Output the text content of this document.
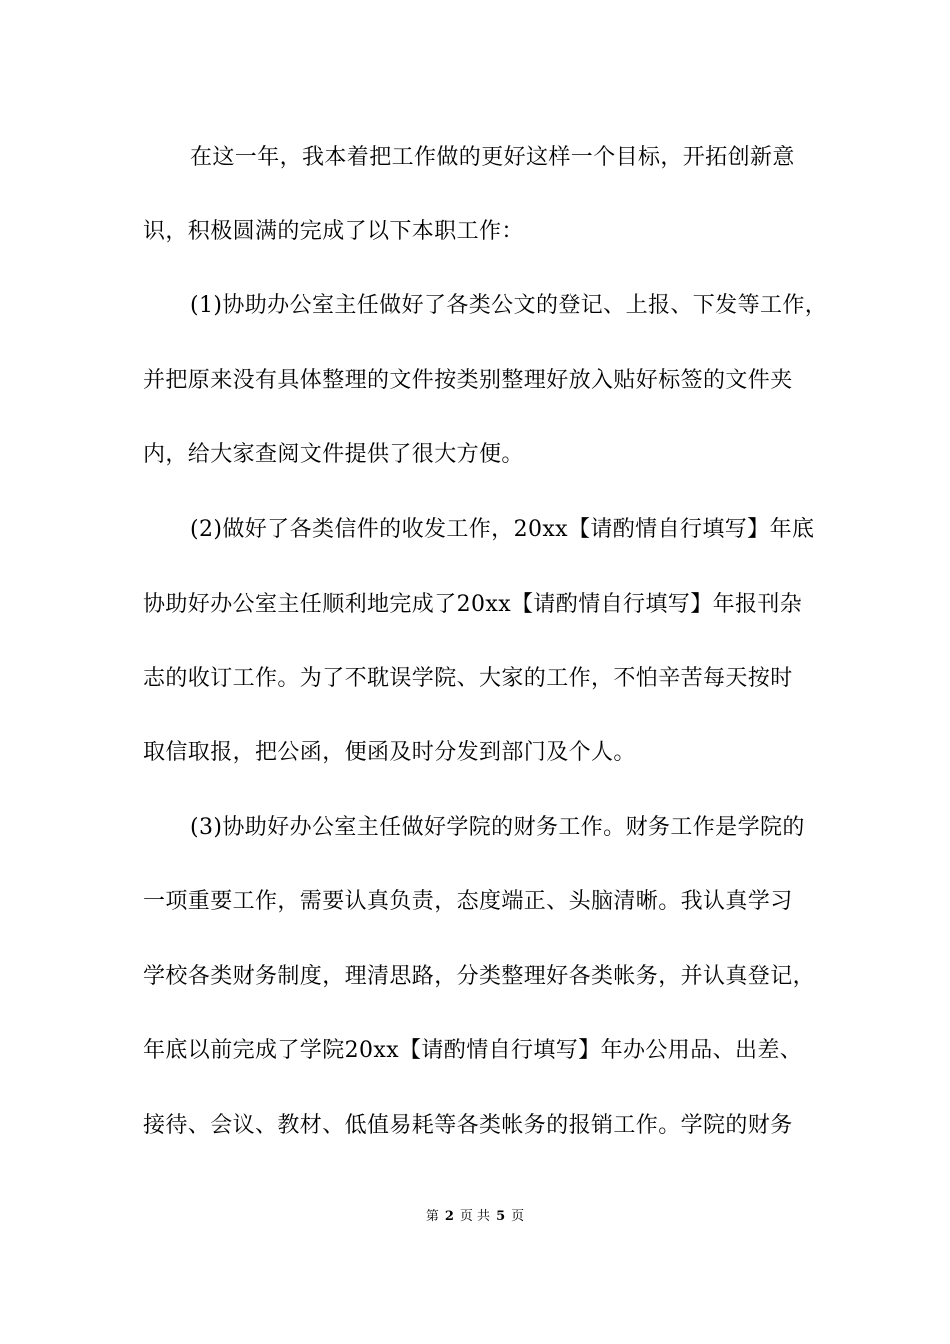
在这一年，我本着把工作做的更好这样一个目标，开拓创新意
识，积极圆满的完成了以下本职工作：
(1)协助办公室主任做好了各类公文的登记、上报、下发等工作，
并把原来没有具体整理的文件按类别整理好放入贴好标签的文件夹
内，给大家查阅文件提供了很大方便。
(2)做好了各类信件的收发工作，20xx【请酌情自行填写】年底
协助好办公室主任顺利地完成了20xx【请酌情自行填写】年报刊杂
志的收订工作。为了不耽误学院、大家的工作，不怕辛苦每天按时
取信取报，把公函，便函及时分发到部门及个人。
(3)协助好办公室主任做好学院的财务工作。财务工作是学院的
一项重要工作，需要认真负责，态度端正、头脑清晰。我认真学习
学校各类财务制度，理清思路，分类整理好各类帐务，并认真登记，
年底以前完成了学院20xx【请酌情自行填写】年办公用品、出差、
接待、会议、教材、低值易耗等各类帐务的报销工作。学院的财务
第 2 页 共 5 页
